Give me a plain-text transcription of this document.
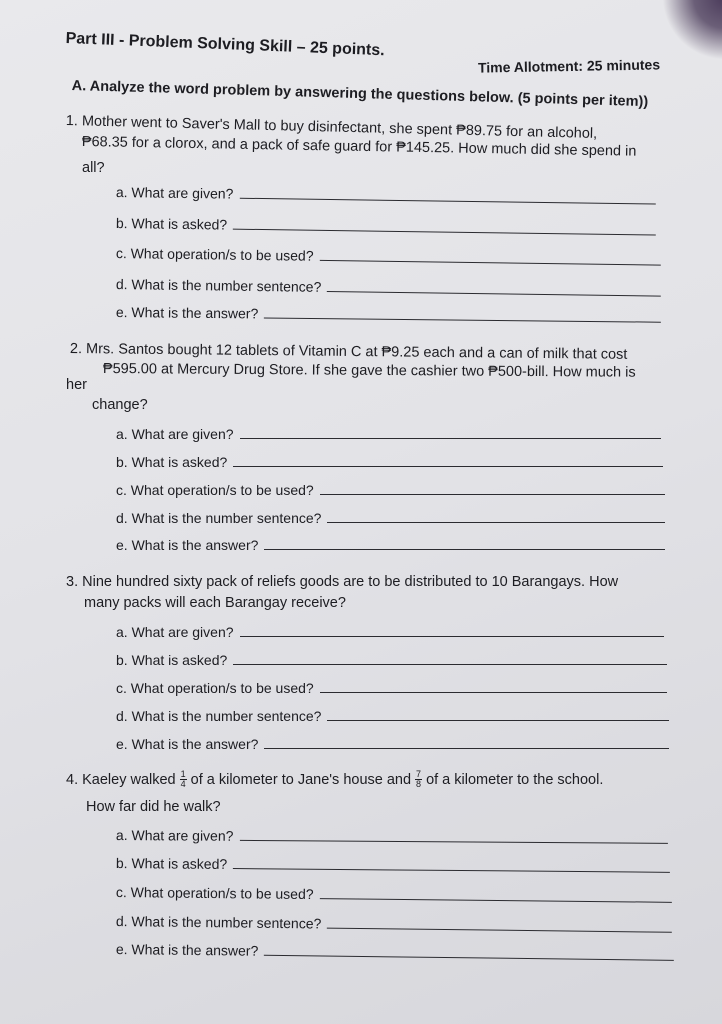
Part III - Problem Solving Skill – 25 points.
Time Allotment: 25 minutes
A. Analyze the word problem by answering the questions below. (5 points per item))
1. Mother went to Saver's Mall to buy disinfectant, she spent ₱89.75 for an alcohol,
₱68.35 for a clorox, and a pack of safe guard for ₱145.25. How much did she spend in
all?
a. What are given?
b. What is asked?
c. What operation/s to be used?
d. What is the number sentence?
e. What is the answer?
2. Mrs. Santos bought 12 tablets of Vitamin C at ₱9.25 each and a can of milk that cost
₱595.00 at Mercury Drug Store. If she gave the cashier two ₱500-bill. How much is
her
change?
a. What are given?
b. What is asked?
c. What operation/s to be used?
d. What is the number sentence?
e. What is the answer?
3. Nine hundred sixty pack of reliefs goods are to be distributed to 10 Barangays. How
many packs will each Barangay receive?
a. What are given?
b. What is asked?
c. What operation/s to be used?
d. What is the number sentence?
e. What is the answer?
4. Kaeley walked $\frac{1}{4}$ of a kilometer to Jane's house and $\frac{7}{8}$ of a kilometer to the school.
How far did he walk?
a. What are given?
b. What is asked?
c. What operation/s to be used?
d. What is the number sentence?
e. What is the answer?
